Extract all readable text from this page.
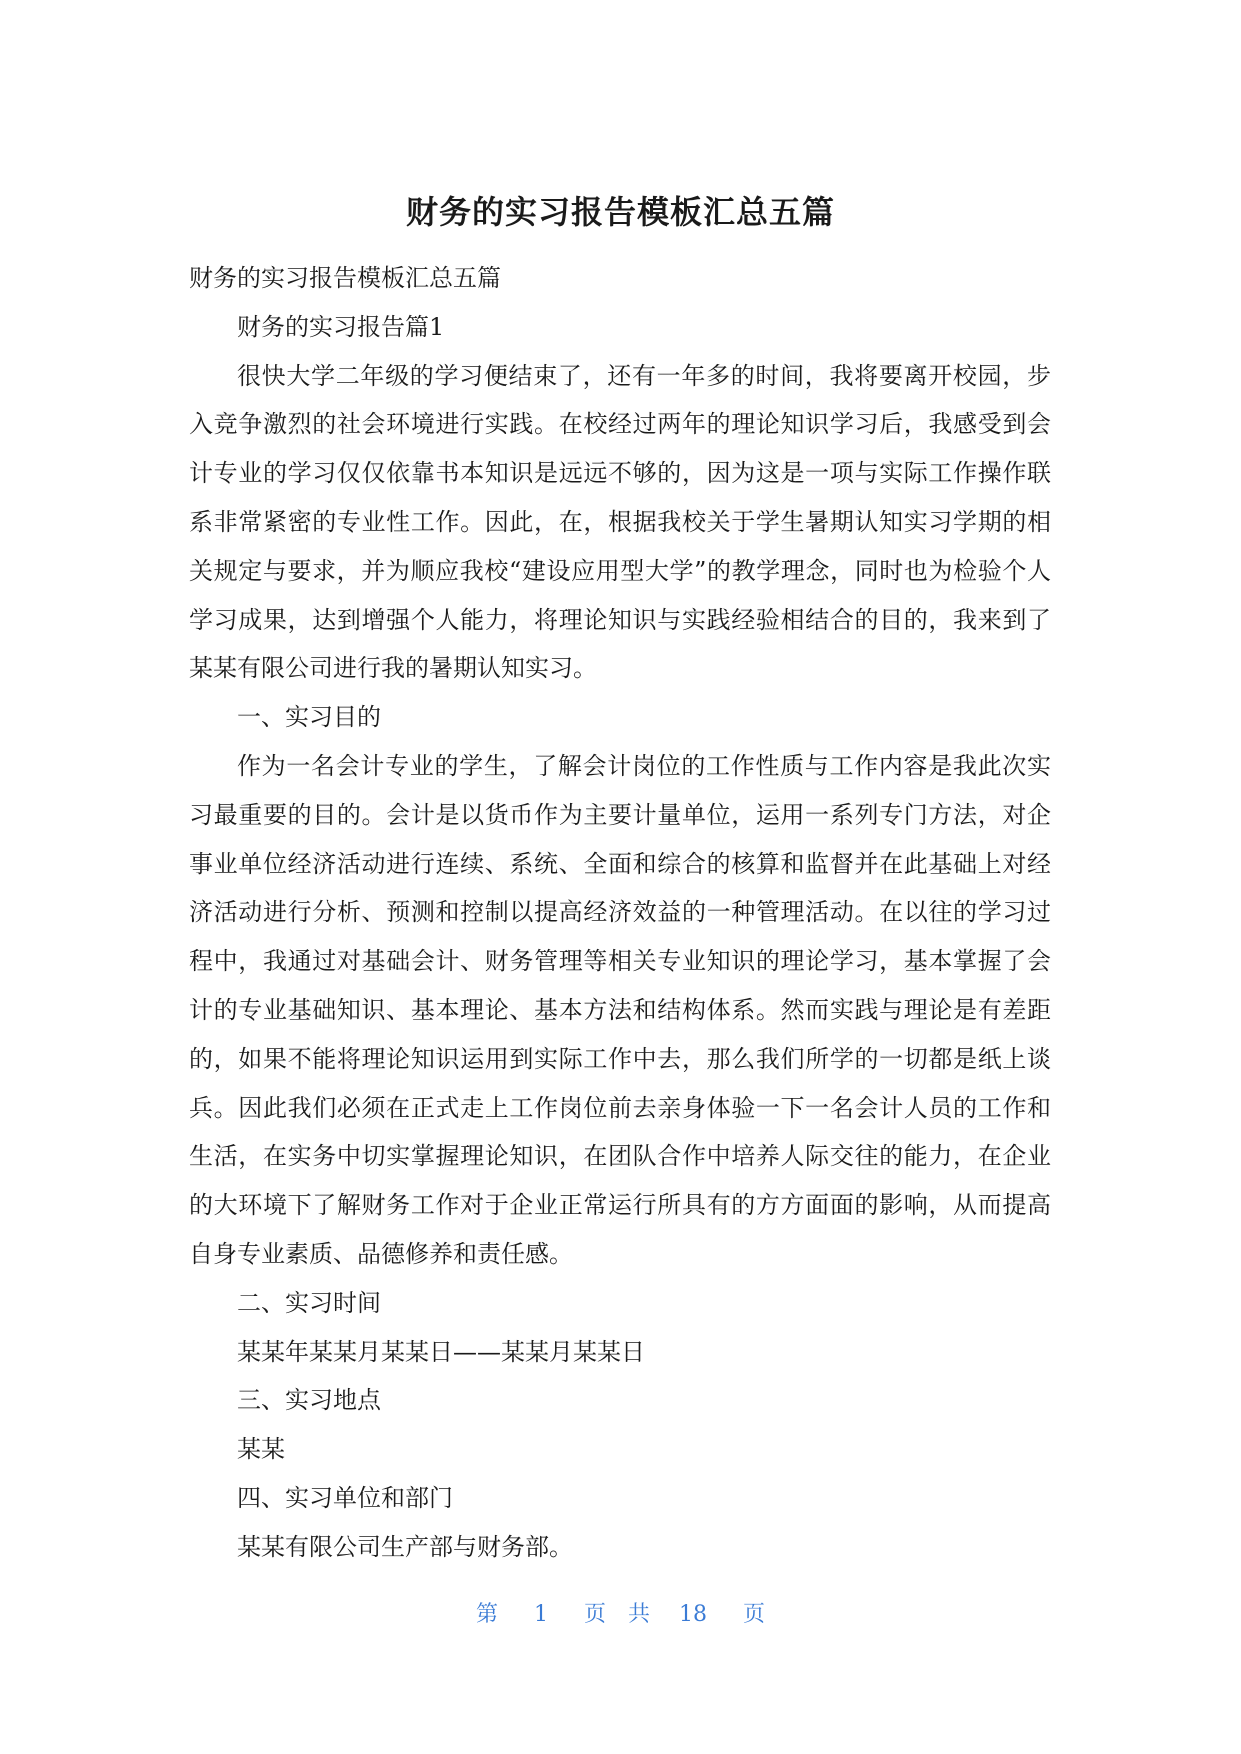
财务的实习报告模板汇总五篇

财务的实习报告模板汇总五篇

财务的实习报告篇1

很快大学二年级的学习便结束了，还有一年多的时间，我将要离开校园，步入竞争激烈的社会环境进行实践。在校经过两年的理论知识学习后，我感受到会计专业的学习仅仅依靠书本知识是远远不够的，因为这是一项与实际工作操作联系非常紧密的专业性工作。因此，在，根据我校关于学生暑期认知实习学期的相关规定与要求，并为顺应我校“建设应用型大学”的教学理念，同时也为检验个人学习成果，达到增强个人能力，将理论知识与实践经验相结合的目的，我来到了某某有限公司进行我的暑期认知实习。

一、实习目的

作为一名会计专业的学生，了解会计岗位的工作性质与工作内容是我此次实习最重要的目的。会计是以货币作为主要计量单位，运用一系列专门方法，对企事业单位经济活动进行连续、系统、全面和综合的核算和监督并在此基础上对经济活动进行分析、预测和控制以提高经济效益的一种管理活动。在以往的学习过程中，我通过对基础会计、财务管理等相关专业知识的理论学习，基本掌握了会计的专业基础知识、基本理论、基本方法和结构体系。然而实践与理论是有差距的，如果不能将理论知识运用到实际工作中去，那么我们所学的一切都是纸上谈兵。因此我们必须在正式走上工作岗位前去亲身体验一下一名会计人员的工作和生活，在实务中切实掌握理论知识，在团队合作中培养人际交往的能力，在企业的大环境下了解财务工作对于企业正常运行所具有的方方面面的影响，从而提高自身专业素质、品德修养和责任感。

二、实习时间

某某年某某月某某日——某某月某某日

三、实习地点

某某

四、实习单位和部门

某某有限公司生产部与财务部。

第 1 页共 18 页
